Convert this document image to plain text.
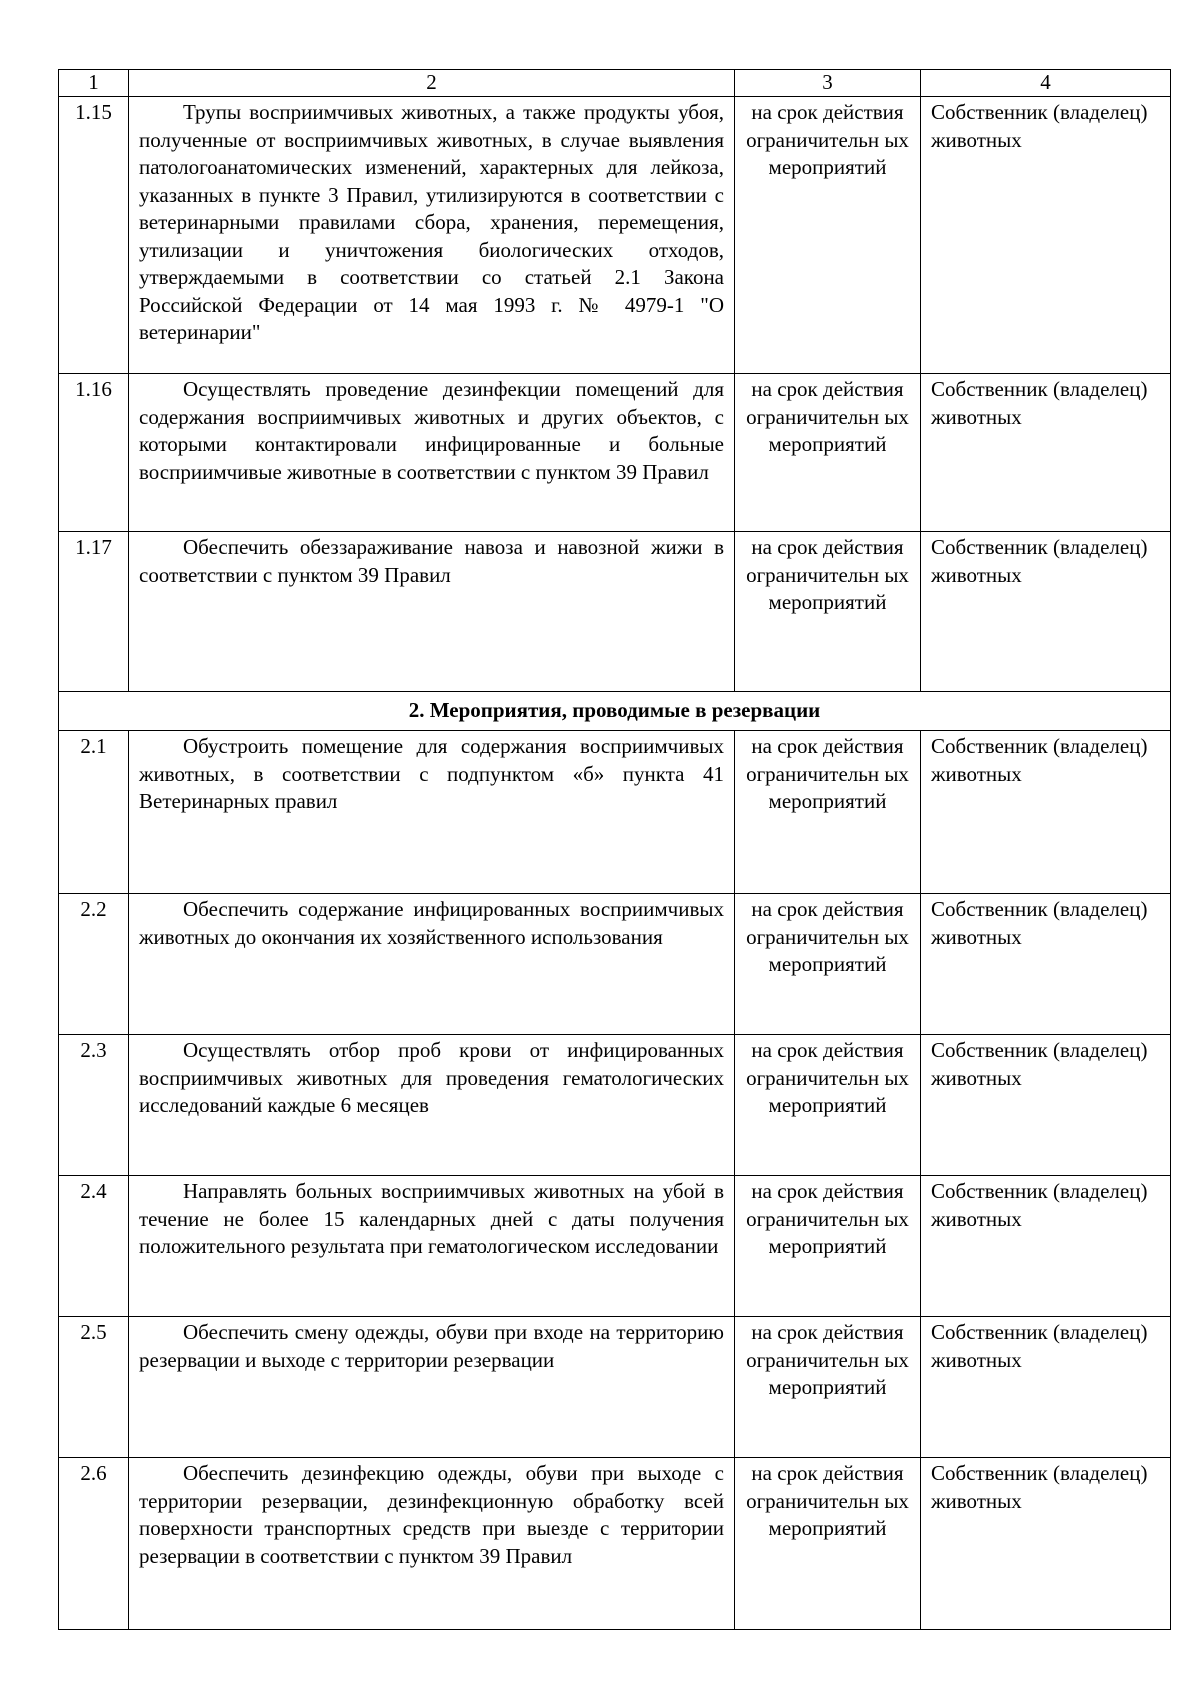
1	2	3	4
1.15	Трупы восприимчивых животных, а также продукты убоя, полученные от восприимчивых животных, в случае выявления патологоанатомических изменений, характерных для лейкоза, указанных в пункте 3 Правил, утилизируются в соответствии с ветеринарными правилами сбора, хранения, перемещения, утилизации и уничтожения биологических отходов, утверждаемыми в соответствии со статьей 2.1 Закона Российской Федерации от 14 мая 1993 г. № 4979-1 "О ветеринарии"	на срок действия ограничительн ых мероприятий	Собственник (владелец) животных
1.16	Осуществлять проведение дезинфекции помещений для содержания восприимчивых животных и других объектов, с которыми контактировали инфицированные и больные восприимчивые животные в соответствии с пунктом 39 Правил	на срок действия ограничительн ых мероприятий	Собственник (владелец) животных
1.17	Обеспечить обеззараживание навоза и навозной жижи в соответствии с пунктом 39 Правил	на срок действия ограничительн ых мероприятий	Собственник (владелец) животных
2. Мероприятия, проводимые в резервации			
2.1	Обустроить помещение для содержания восприимчивых животных, в соответствии с подпунктом «б» пункта 41 Ветеринарных правил	на срок действия ограничительн ых мероприятий	Собственник (владелец) животных
2.2	Обеспечить содержание инфицированных восприимчивых животных до окончания их хозяйственного использования	на срок действия ограничительн ых мероприятий	Собственник (владелец) животных
2.3	Осуществлять отбор проб крови от инфицированных восприимчивых животных для проведения гематологических исследований каждые 6 месяцев	на срок действия ограничительн ых мероприятий	Собственник (владелец) животных
2.4	Направлять больных восприимчивых животных на убой в течение не более 15 календарных дней с даты получения положительного результата при гематологическом исследовании	на срок действия ограничительн ых мероприятий	Собственник (владелец) животных
2.5	Обеспечить смену одежды, обуви при входе на территорию резервации и выходе с территории резервации	на срок действия ограничительн ых мероприятий	Собственник (владелец) животных
2.6	Обеспечить дезинфекцию одежды, обуви при выходе с территории резервации, дезинфекционную обработку всей поверхности транспортных средств при выезде с территории резервации в соответствии с пунктом 39 Правил	на срок действия ограничительн ых мероприятий	Собственник (владелец) животных
